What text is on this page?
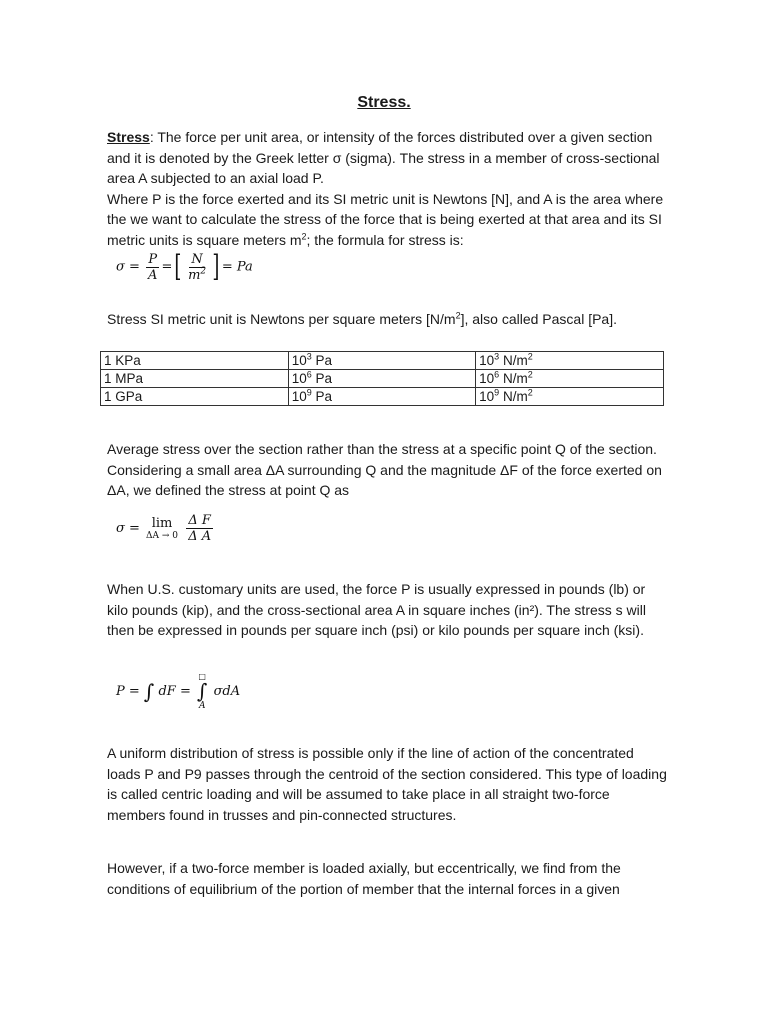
Stress.

Stress: The force per unit area, or intensity of the forces distributed over a given section and it is denoted by the Greek letter σ (sigma). The stress in a member of cross-sectional area A subjected to an axial load P.
Where P is the force exerted and its SI metric unit is Newtons [N], and A is the area where the we want to calculate the stress of the force that is being exerted at that area and its SI metric units is square meters $m^2$; the formula for stress is:

$\sigma = \frac{P}{A}$ =[ $\frac{N}{m^2}$ ] = Pa

Stress SI metric unit is Newtons per square meters $[N/m^2]$, also called Pascal [Pa].

1 KPa	$10^3$ Pa	$10^3$ $N/m^2$
1 MPa	$10^6$ Pa	$10^6$ $N/m^2$
1 GPa	$10^9$ Pa	$10^9$ $N/m^2$

Average stress over the section rather than the stress at a specific point Q of the section. Considering a small area ΔA surrounding Q and the magnitude ΔF of the force exerted on ΔA, we defined the stress at point Q as

σ = lim
ΔA → 0
$\frac{\text{Δ F}}{\text{Δ A}}$

When U.S. customary units are used, the force P is usually expressed in pounds (lb) or kilo pounds (kip), and the cross-sectional area A in square inches (in²). The stress s will then be expressed in pounds per square inch (psi) or kilo pounds per square inch (ksi).

P = ∫ dF =
□
∫
A
σdA

A uniform distribution of stress is possible only if the line of action of the concentrated loads P and P9 passes through the centroid of the section considered. This type of loading is called centric loading and will be assumed to take place in all straight two-force members found in trusses and pin-connected structures.

However, if a two-force member is loaded axially, but eccentrically, we find from the conditions of equilibrium of the portion of member that the internal forces in a given
